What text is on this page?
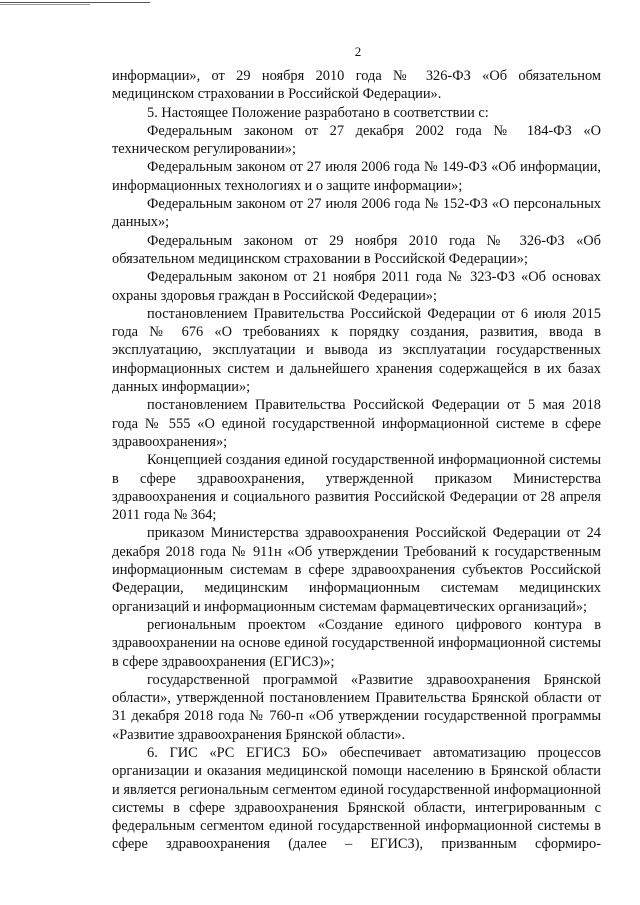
2

информации», от 29 ноября 2010 года № 326-ФЗ «Об обязательном медицинском страховании в Российской Федерации».

5. Настоящее Положение разработано в соответствии с:

Федеральным законом от 27 декабря 2002 года № 184-ФЗ «О техническом регулировании»;

Федеральным законом от 27 июля 2006 года № 149-ФЗ «Об информации, информационных технологиях и о защите информации»;

Федеральным законом от 27 июля 2006 года № 152-ФЗ «О персональных данных»;

Федеральным законом от 29 ноября 2010 года № 326-ФЗ «Об обязательном медицинском страховании в Российской Федерации»;

Федеральным законом от 21 ноября 2011 года № 323-ФЗ «Об основах охраны здоровья граждан в Российской Федерации»;

постановлением Правительства Российской Федерации от 6 июля 2015 года № 676 «О требованиях к порядку создания, развития, ввода в эксплуатацию, эксплуатации и вывода из эксплуатации государственных информационных систем и дальнейшего хранения содержащейся в их базах данных информации»;

постановлением Правительства Российской Федерации от 5 мая 2018 года № 555 «О единой государственной информационной системе в сфере здравоохранения»;

Концепцией создания единой государственной информационной системы в сфере здравоохранения, утвержденной приказом Министерства здравоохранения и социального развития Российской Федерации от 28 апреля 2011 года № 364;

приказом Министерства здравоохранения Российской Федерации от 24 декабря 2018 года № 911н «Об утверждении Требований к государственным информационным системам в сфере здравоохранения субъектов Российской Федерации, медицинским информационным системам медицинских организаций и информационным системам фармацевтических организаций»;

региональным проектом «Создание единого цифрового контура в здравоохранении на основе единой государственной информационной системы в сфере здравоохранения (ЕГИСЗ)»;

государственной программой «Развитие здравоохранения Брянской области», утвержденной постановлением Правительства Брянской области от 31 декабря 2018 года № 760-п «Об утверждении государственной программы «Развитие здравоохранения Брянской области».

6. ГИС «РС ЕГИСЗ БО» обеспечивает автоматизацию процессов организации и оказания медицинской помощи населению в Брянской области и является региональным сегментом единой государственной информационной системы в сфере здравоохранения Брянской области, интегрированным с федеральным сегментом единой государственной информационной системы в сфере здравоохранения (далее – ЕГИСЗ), призванным сформиро-
